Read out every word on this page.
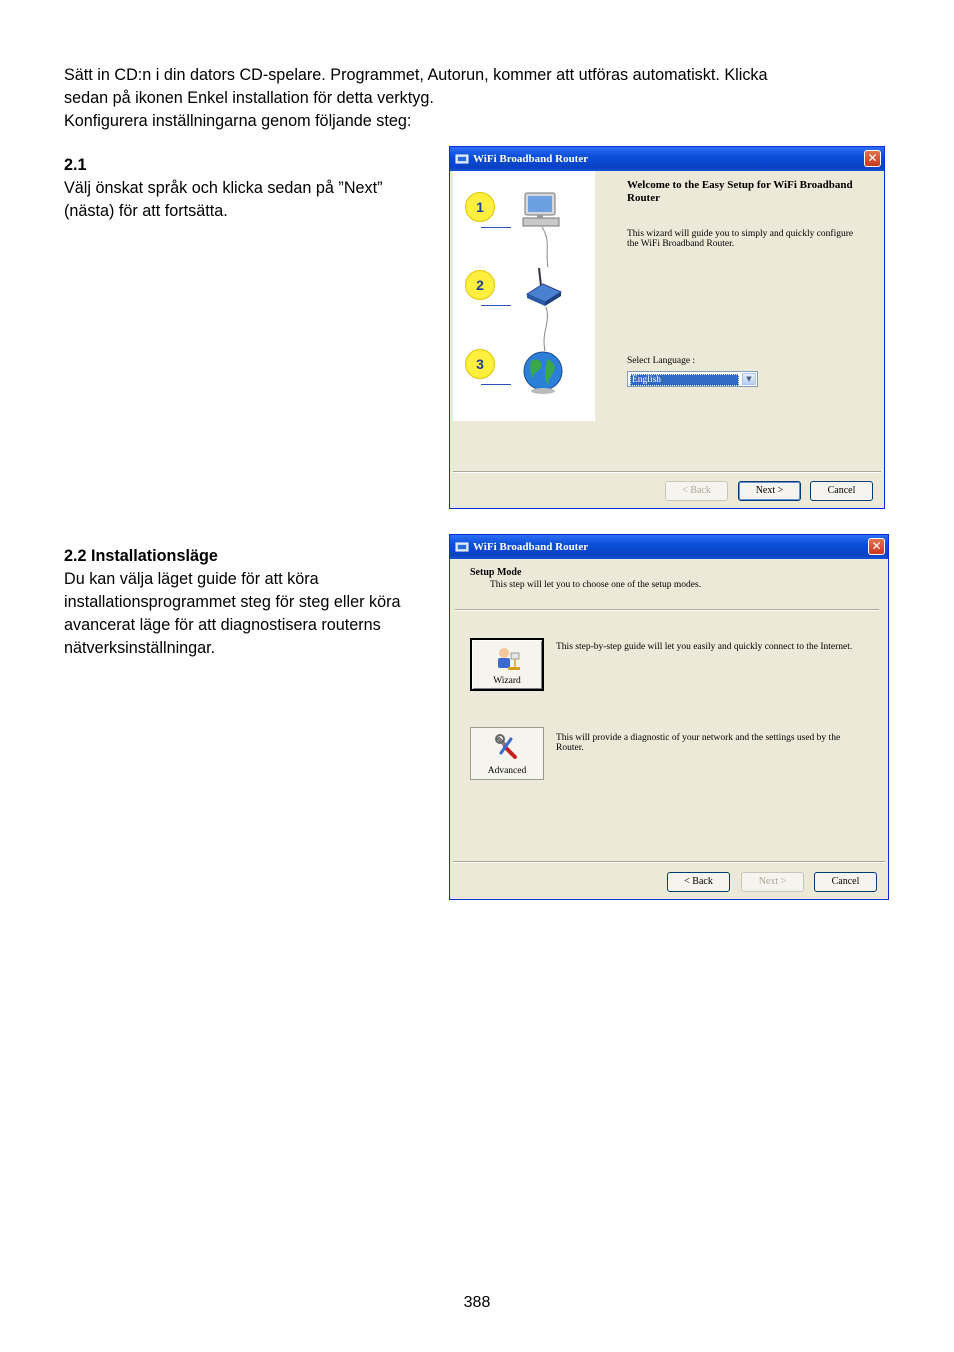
Sätt in CD:n i din dators CD-spelare. Programmet, Autorun, kommer att utföras automatiskt. Klicka

sedan på ikonen Enkel installation för detta verktyg.

Konfigurera inställningarna genom följande steg:

2.1
Välj önskat språk och klicka sedan på ”Next” (nästa) för att fortsätta.
WiFi Broadband Router	✕
1
2
3
Welcome to the Easy Setup for WiFi Broadband Router
This wizard will guide you to simply and quickly configure the WiFi Broadband Router.
Select Language :
English	▼
< Back	Next >	Cancel
2.2 Installationsläge
Du kan välja läget guide för att köra installationsprogrammet steg för steg eller köra avancerat läge för att diagnostisera routerns nätverksinställningar.
WiFi Broadband Router	✕
Setup Mode
This step will let you to choose one of the setup modes.
Wizard
This step-by-step guide will let you easily and quickly connect to the Internet.
Advanced
This will provide a diagnostic of your network and the settings used by the Router.
< Back	Next >	Cancel
388
